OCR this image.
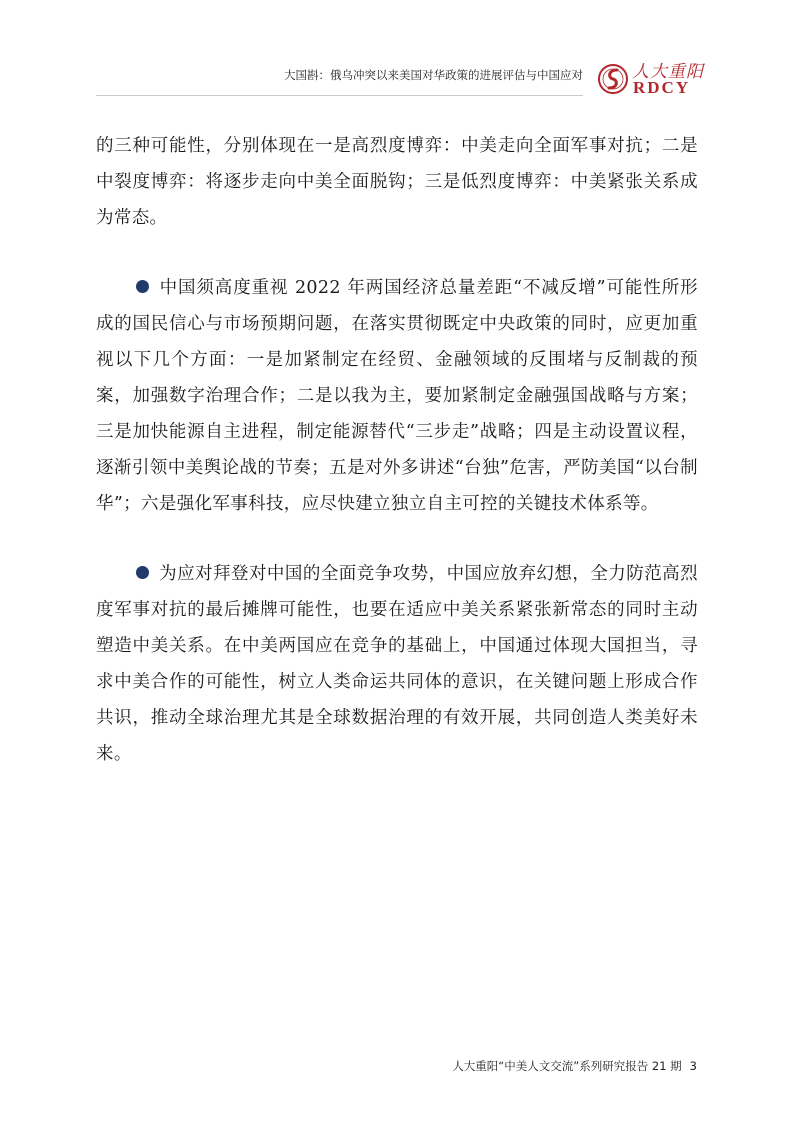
大国斟：俄乌冲突以来美国对华政策的进展评估与中国应对	人大重阳
RDCY

的三种可能性，分别体现在一是高烈度博弈：中美走向全面军事对抗；二是中裂度博弈：将逐步走向中美全面脱钩；三是低烈度博弈：中美紧张关系成为常态。

中国须高度重视 2022 年两国经济总量差距“不减反增”可能性所形成的国民信心与市场预期问题，在落实贯彻既定中央政策的同时，应更加重视以下几个方面：一是加紧制定在经贸、金融领域的反围堵与反制裁的预案，加强数字治理合作；二是以我为主，要加紧制定金融强国战略与方案；三是加快能源自主进程，制定能源替代“三步走”战略；四是主动设置议程，逐渐引领中美舆论战的节奏；五是对外多讲述“台独”危害，严防美国“以台制华”；六是强化军事科技，应尽快建立独立自主可控的关键技术体系等。

为应对拜登对中国的全面竞争攻势，中国应放弃幻想，全力防范高烈度军事对抗的最后摊牌可能性，也要在适应中美关系紧张新常态的同时主动塑造中美关系。在中美两国应在竞争的基础上，中国通过体现大国担当，寻求中美合作的可能性，树立人类命运共同体的意识，在关键问题上形成合作共识，推动全球治理尤其是全球数据治理的有效开展，共同创造人类美好未来。

人大重阳“中美人文交流”系列研究报告 21 期 3
